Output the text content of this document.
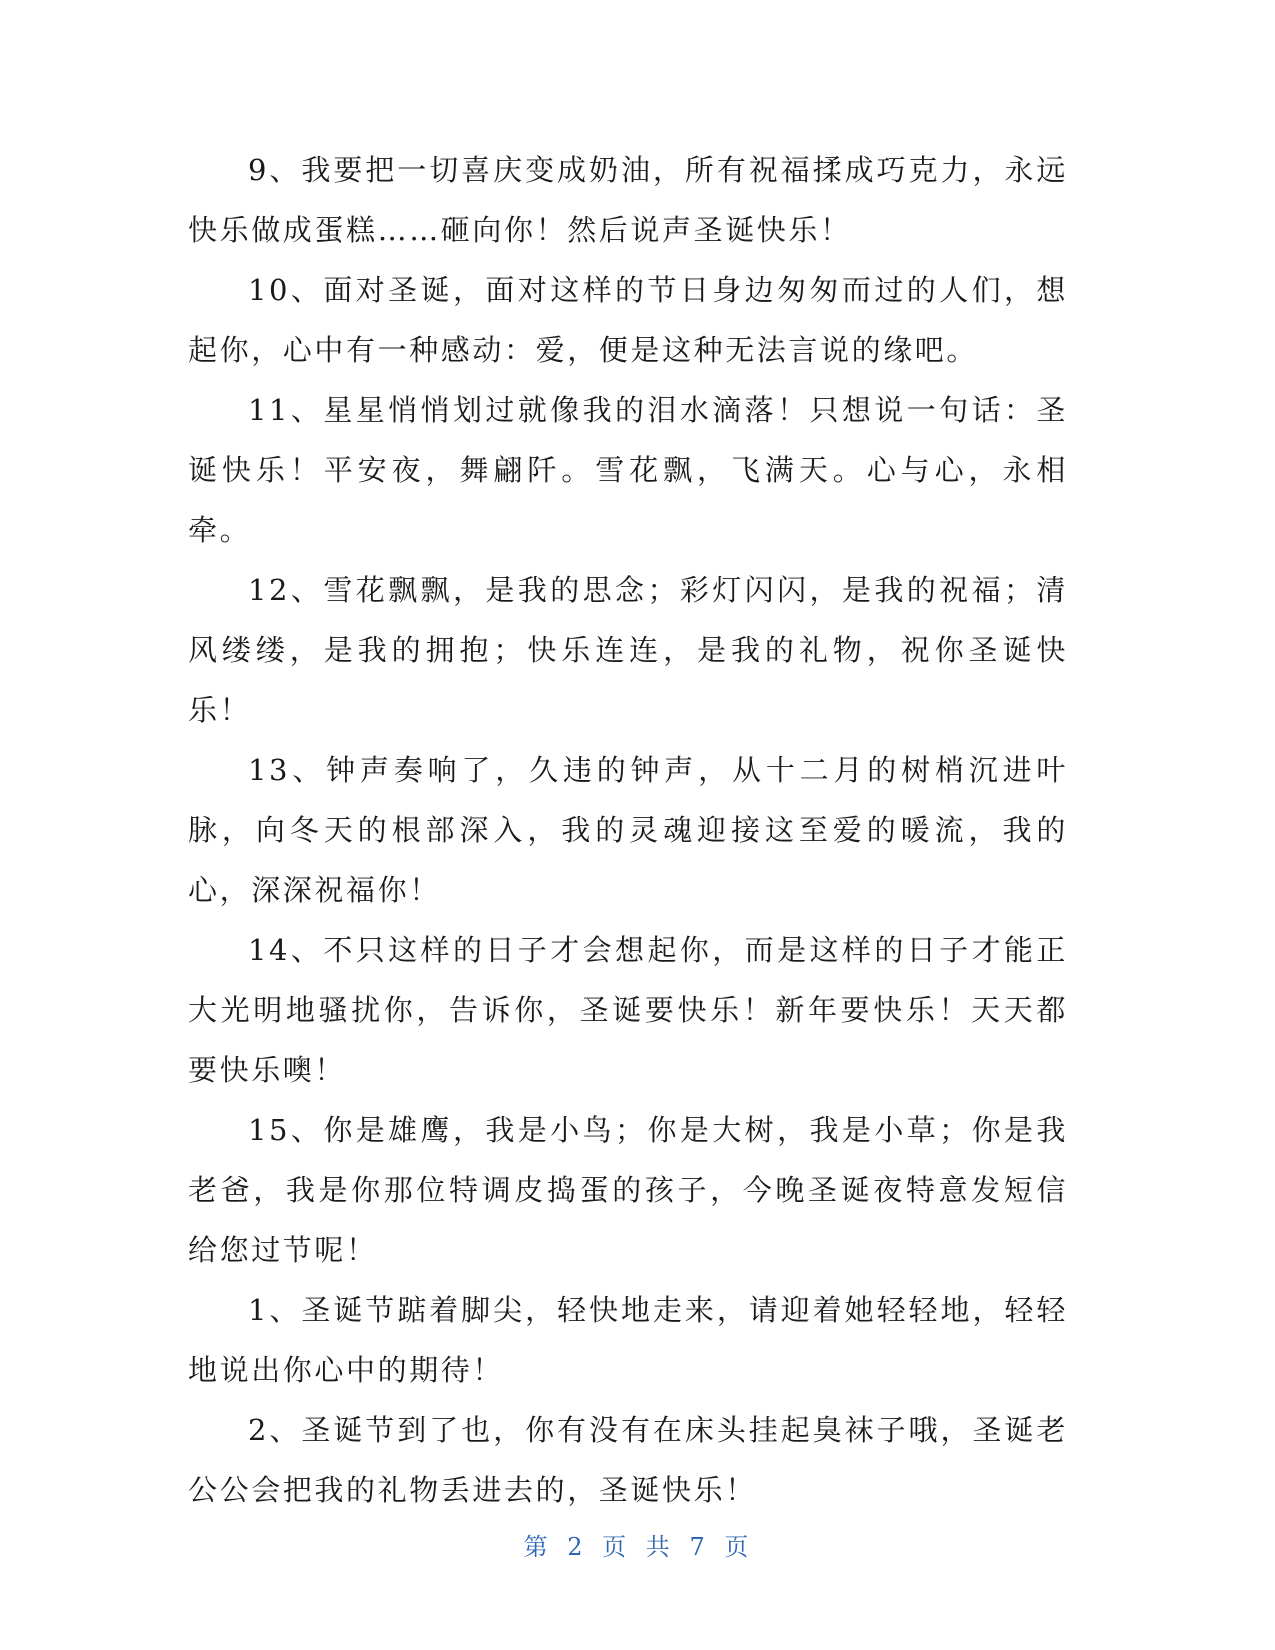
9、我要把一切喜庆变成奶油，所有祝福揉成巧克力，永远快乐做成蛋糕……砸向你！然后说声圣诞快乐！

10、面对圣诞，面对这样的节日身边匆匆而过的人们，想起你，心中有一种感动：爱，便是这种无法言说的缘吧。

11、星星悄悄划过就像我的泪水滴落！只想说一句话：圣诞快乐！平安夜，舞翩阡。雪花飘，飞满天。心与心，永相牵。

12、雪花飘飘，是我的思念；彩灯闪闪，是我的祝福；清风缕缕，是我的拥抱；快乐连连，是我的礼物，祝你圣诞快乐！

13、钟声奏响了，久违的钟声，从十二月的树梢沉进叶脉，向冬天的根部深入，我的灵魂迎接这至爱的暖流，我的心，深深祝福你！

14、不只这样的日子才会想起你，而是这样的日子才能正大光明地骚扰你，告诉你，圣诞要快乐！新年要快乐！天天都要快乐噢！

15、你是雄鹰，我是小鸟；你是大树，我是小草；你是我老爸，我是你那位特调皮捣蛋的孩子，今晚圣诞夜特意发短信给您过节呢！

1、圣诞节踮着脚尖，轻快地走来，请迎着她轻轻地，轻轻地说出你心中的期待！

2、圣诞节到了也，你有没有在床头挂起臭袜子哦，圣诞老公公会把我的礼物丢进去的，圣诞快乐！

第 2 页 共 7 页
